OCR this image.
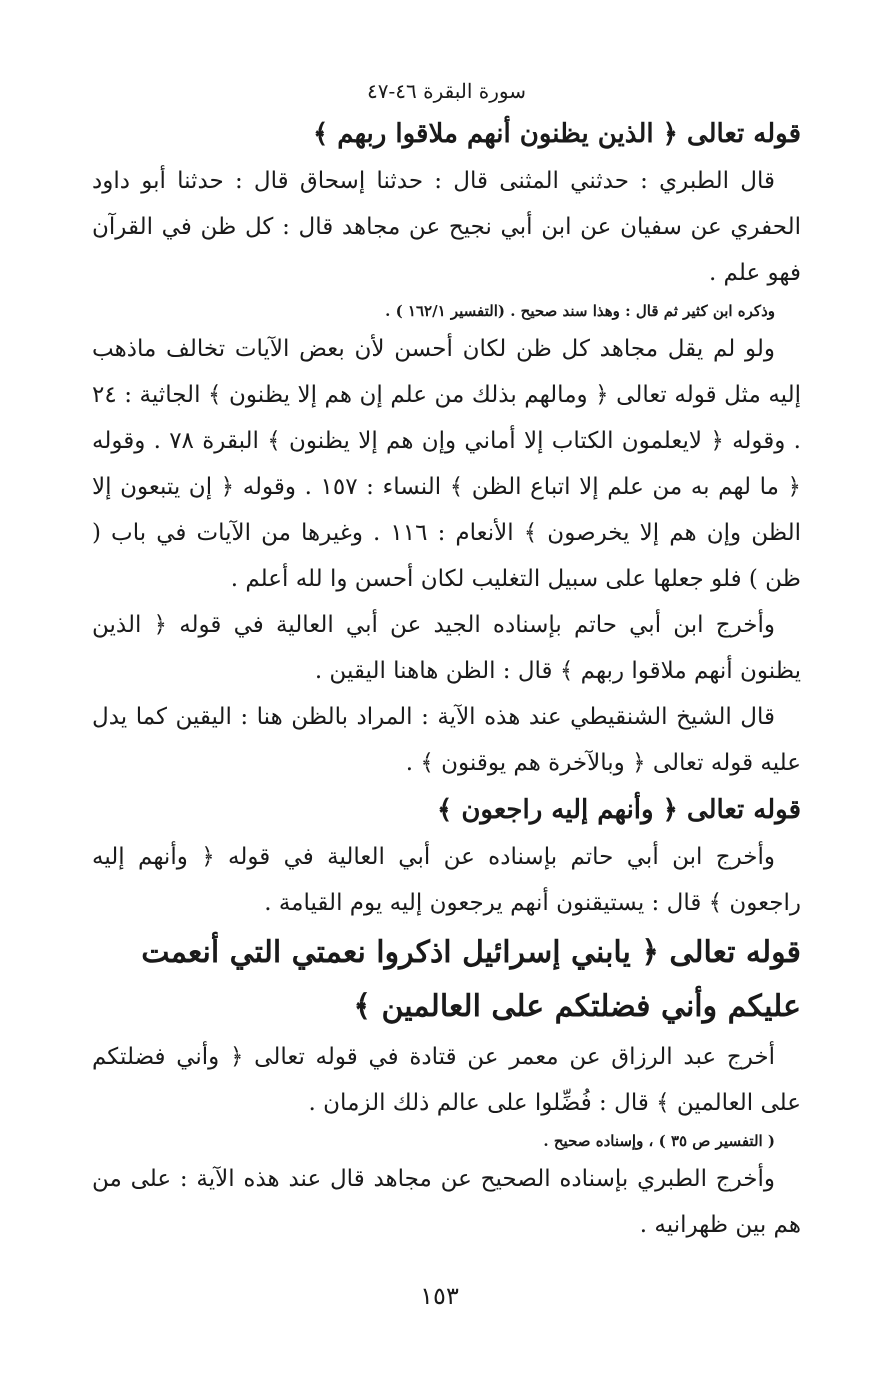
سورة البقرة ٤٦-٤٧
قوله تعالى ﴿ الذين يظنون أنهم ملاقوا ربهم ﴾
قال الطبري : حدثني المثنى قال : حدثنا إسحاق قال : حدثنا أبو داود الحفري عن سفيان عن ابن أبي نجيح عن مجاهد قال : كل ظن في القرآن فهو علم .
وذكره ابن كثير ثم قال : وهذا سند صحيح . (التفسير ١٦٢/١ ) .
ولو لم يقل مجاهد كل ظن لكان أحسن لأن بعض الآيات تخالف ماذهب إليه مثل قوله تعالى ﴿ ومالهم بذلك من علم إن هم إلا يظنون ﴾ الجاثية : ٢٤ . وقوله ﴿ لايعلمون الكتاب إلا أماني وإن هم إلا يظنون ﴾ البقرة ٧٨ . وقوله ﴿ ما لهم به من علم إلا اتباع الظن ﴾ النساء : ١٥٧ . وقوله ﴿ إن يتبعون إلا الظن وإن هم إلا يخرصون ﴾ الأنعام : ١١٦ . وغيرها من الآيات في باب ( ظن ) فلو جعلها على سبيل التغليب لكان أحسن وا لله أعلم .
وأخرج ابن أبي حاتم بإسناده الجيد عن أبي العالية في قوله ﴿ الذين يظنون أنهم ملاقوا ربهم ﴾ قال : الظن هاهنا اليقين .
قال الشيخ الشنقيطي عند هذه الآية : المراد بالظن هنا : اليقين كما يدل عليه قوله تعالى ﴿ وبالآخرة هم يوقنون ﴾ .
قوله تعالى ﴿ وأنهم إليه راجعون ﴾
وأخرج ابن أبي حاتم بإسناده عن أبي العالية في قوله ﴿ وأنهم إليه راجعون ﴾ قال : يستيقنون أنهم يرجعون إليه يوم القيامة .
قوله تعالى ﴿ يابني إسرائيل اذكروا نعمتي التي أنعمت عليكم وأني فضلتكم على العالمين ﴾
أخرج عبد الرزاق عن معمر عن قتادة في قوله تعالى ﴿ وأني فضلتكم على العالمين ﴾ قال : فُضِّلوا على عالم ذلك الزمان .
( التفسير ص ٣٥ ) ، وإسناده صحيح .
وأخرج الطبري بإسناده الصحيح عن مجاهد قال عند هذه الآية : على من هم بين ظهرانيه .
١٥٣
